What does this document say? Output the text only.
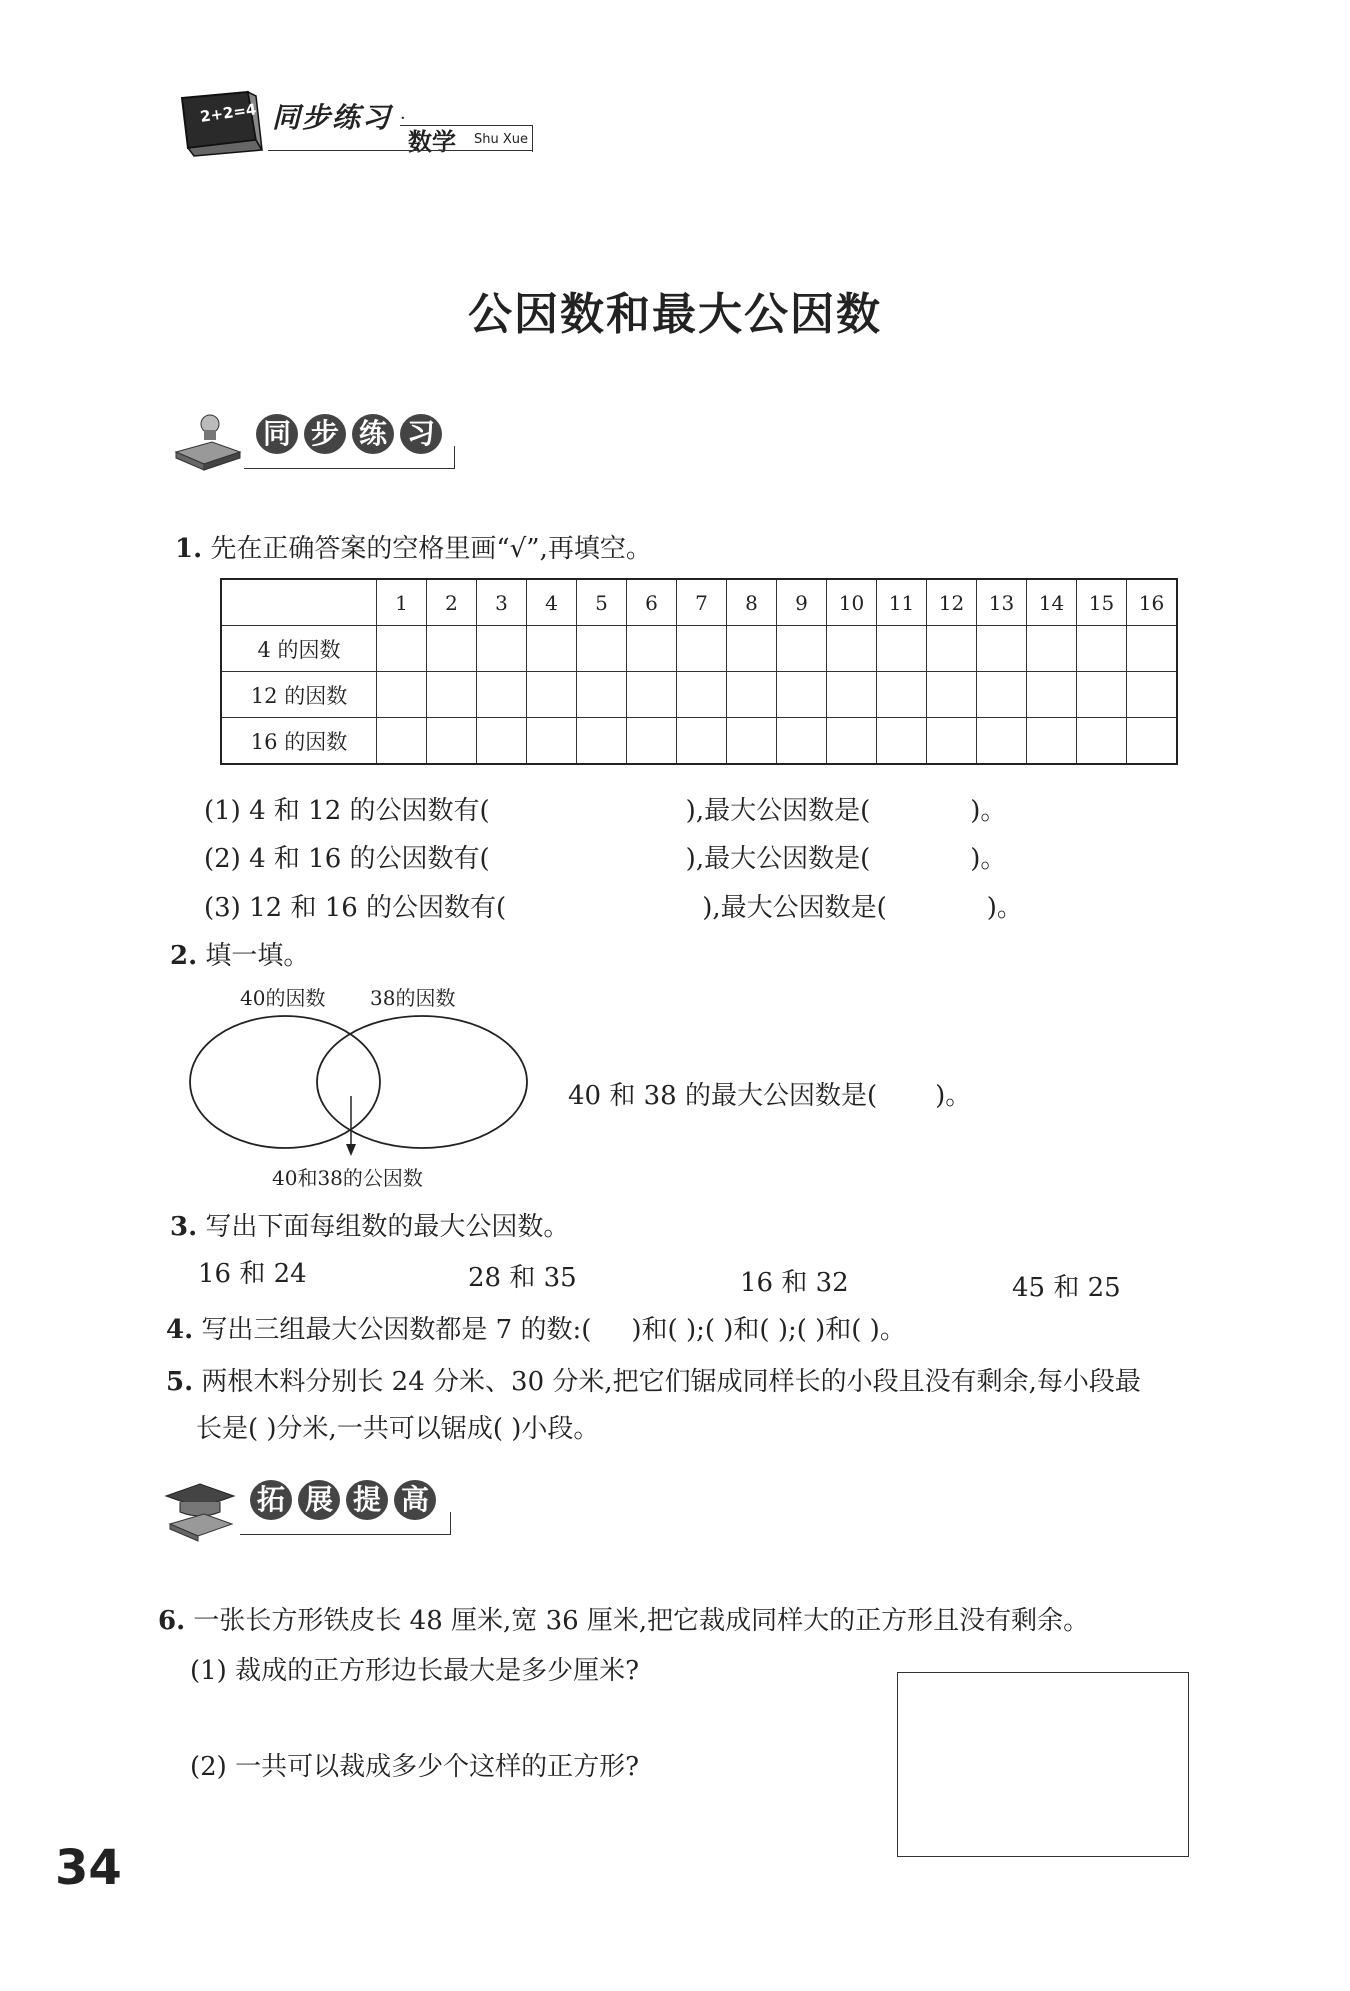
2+2=4 同步练习 ·
数学 Shu Xue
公因数和最大公因数
同 步 练 习
1. 先在正确答案的空格里画“√”,再填空。
	1	2	3	4	5	6	7	8	9	10	11	12	13	14	15	16
4 的因数																
12 的因数																
16 的因数																
(1) 4 和 12 的公因数有(	),最大公因数是(	)。
(2) 4 和 16 的公因数有(	),最大公因数是(	)。
(3) 12 和 16 的公因数有(	),最大公因数是(	)。
2. 填一填。
40的因数 38的因数
40和38的公因数
40 和 38 的最大公因数是( )。
3. 写出下面每组数的最大公因数。
16 和 24	28 和 35	16 和 32	45 和 25
4. 写出三组最大公因数都是 7 的数:( )和( );( )和( );( )和( )。
5. 两根木料分别长 24 分米、30 分米,把它们锯成同样长的小段且没有剩余,每小段最
长是( )分米,一共可以锯成( )小段。
拓 展 提 高
6. 一张长方形铁皮长 48 厘米,宽 36 厘米,把它裁成同样大的正方形且没有剩余。
(1) 裁成的正方形边长最大是多少厘米?
(2) 一共可以裁成多少个这样的正方形?
34
